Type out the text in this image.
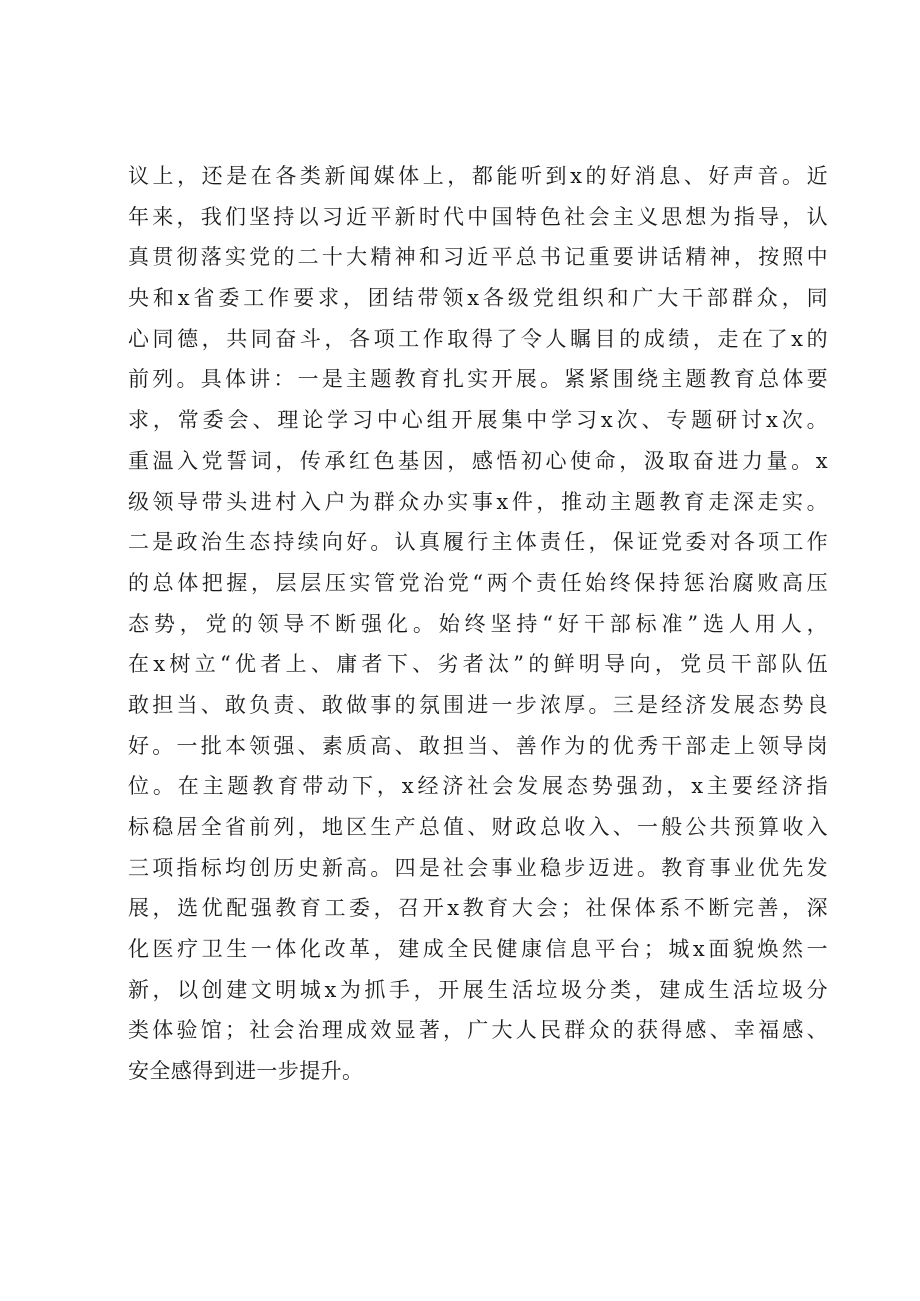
议上，还是在各类新闻媒体上，都能听到x的好消息、好声音。近
年来，我们坚持以习近平新时代中国特色社会主义思想为指导，认
真贯彻落实党的二十大精神和习近平总书记重要讲话精神，按照中
央和x省委工作要求，团结带领x各级党组织和广大干部群众，同
心同德，共同奋斗，各项工作取得了令人瞩目的成绩，走在了x的
前列。具体讲：一是主题教育扎实开展。紧紧围绕主题教育总体要
求，常委会、理论学习中心组开展集中学习x次、专题研讨x次。
重温入党誓词，传承红色基因，感悟初心使命，汲取奋进力量。x
级领导带头进村入户为群众办实事x件，推动主题教育走深走实。
二是政治生态持续向好。认真履行主体责任，保证党委对各项工作
的总体把握，层层压实管党治党“两个责任始终保持惩治腐败高压
态势，党的领导不断强化。始终坚持“好干部标准”选人用人，
在x树立“优者上、庸者下、劣者汰”的鲜明导向，党员干部队伍
敢担当、敢负责、敢做事的氛围进一步浓厚。三是经济发展态势良
好。一批本领强、素质高、敢担当、善作为的优秀干部走上领导岗
位。在主题教育带动下，x经济社会发展态势强劲，x主要经济指
标稳居全省前列，地区生产总值、财政总收入、一般公共预算收入
三项指标均创历史新高。四是社会事业稳步迈进。教育事业优先发
展，选优配强教育工委，召开x教育大会；社保体系不断完善，深
化医疗卫生一体化改革，建成全民健康信息平台；城x面貌焕然一
新，以创建文明城x为抓手，开展生活垃圾分类，建成生活垃圾分
类体验馆；社会治理成效显著，广大人民群众的获得感、幸福感、
安全感得到进一步提升。
